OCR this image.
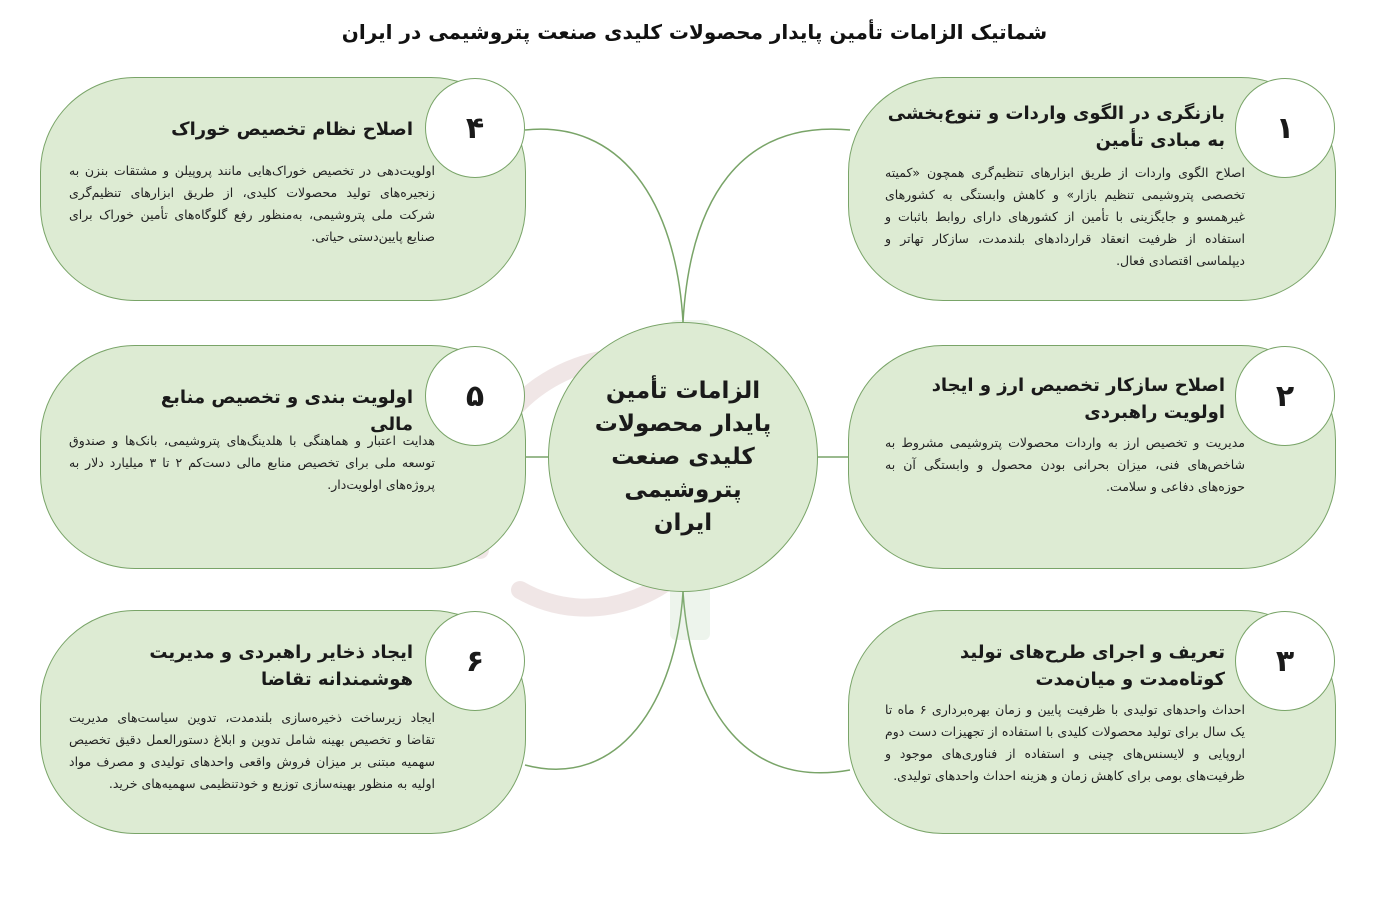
شماتیک الزامات تأمین پایدار محصولات کلیدی صنعت پتروشیمی در ایران
۱
بازنگری در الگوی واردات و تنوع‌بخشی به مبادی تأمین
اصلاح الگوی واردات از طریق ابزارهای تنظیم‌گری همچون «کمیته تخصصی پتروشیمی تنظیم بازار» و کاهش وابستگی به کشورهای غیرهمسو و جایگزینی با تأمین از کشورهای دارای روابط باثبات و استفاده از ظرفیت انعقاد قراردادهای بلندمدت، سازکار تهاتر و دیپلماسی اقتصادی فعال.
۲
اصلاح سازکار تخصیص ارز و ایجاد اولویت راهبردی
مدیریت و تخصیص ارز به واردات محصولات پتروشیمی مشروط به شاخص‌های فنی، میزان بحرانی بودن محصول و وابستگی آن به حوزه‌های دفاعی و سلامت.
۳
تعریف و اجرای طرح‌های تولید کوتاه‌مدت و میان‌مدت
احداث واحدهای تولیدی با ظرفیت پایین و زمان بهره‌برداری ۶ ماه تا یک سال برای تولید محصولات کلیدی با استفاده از تجهیزات دست دوم اروپایی و لایسنس‌های چینی و استفاده از فناوری‌های موجود و ظرفیت‌های بومی برای کاهش زمان و هزینه احداث واحدهای تولیدی.
۴
اصلاح نظام تخصیص خوراک
اولویت‌دهی در تخصیص خوراک‌هایی مانند پروپیلن و مشتقات بنزن به زنجیره‌های تولید محصولات کلیدی، از طریق ابزارهای تنظیم‌گری شرکت ملی پتروشیمی، به‌منظور رفع گلوگاه‌های تأمین خوراک برای صنایع پایین‌دستی حیاتی.
۵
اولویت بندی و تخصیص منابع مالی
هدایت اعتبار و هماهنگی با هلدینگ‌های پتروشیمی، بانک‌ها و صندوق توسعه ملی برای تخصیص منابع مالی دست‌کم ۲ تا ۳ میلیارد دلار به پروژه‌های اولویت‌دار.
۶
ایجاد ذخایر راهبردی و مدیریت هوشمندانه تقاضا
ایجاد زیرساخت ذخیره‌سازی بلندمدت، تدوین سیاست‌های مدیریت تقاضا و تخصیص بهینه شامل تدوین و ابلاغ دستورالعمل دقیق تخصیص سهمیه مبتنی بر میزان فروش واقعی واحدهای تولیدی و مصرف مواد اولیه به منظور بهینه‌سازی توزیع و خودتنظیمی سهمیه‌های خرید.
الزامات تأمین پایدار محصولات کلیدی صنعت پتروشیمی ایران
